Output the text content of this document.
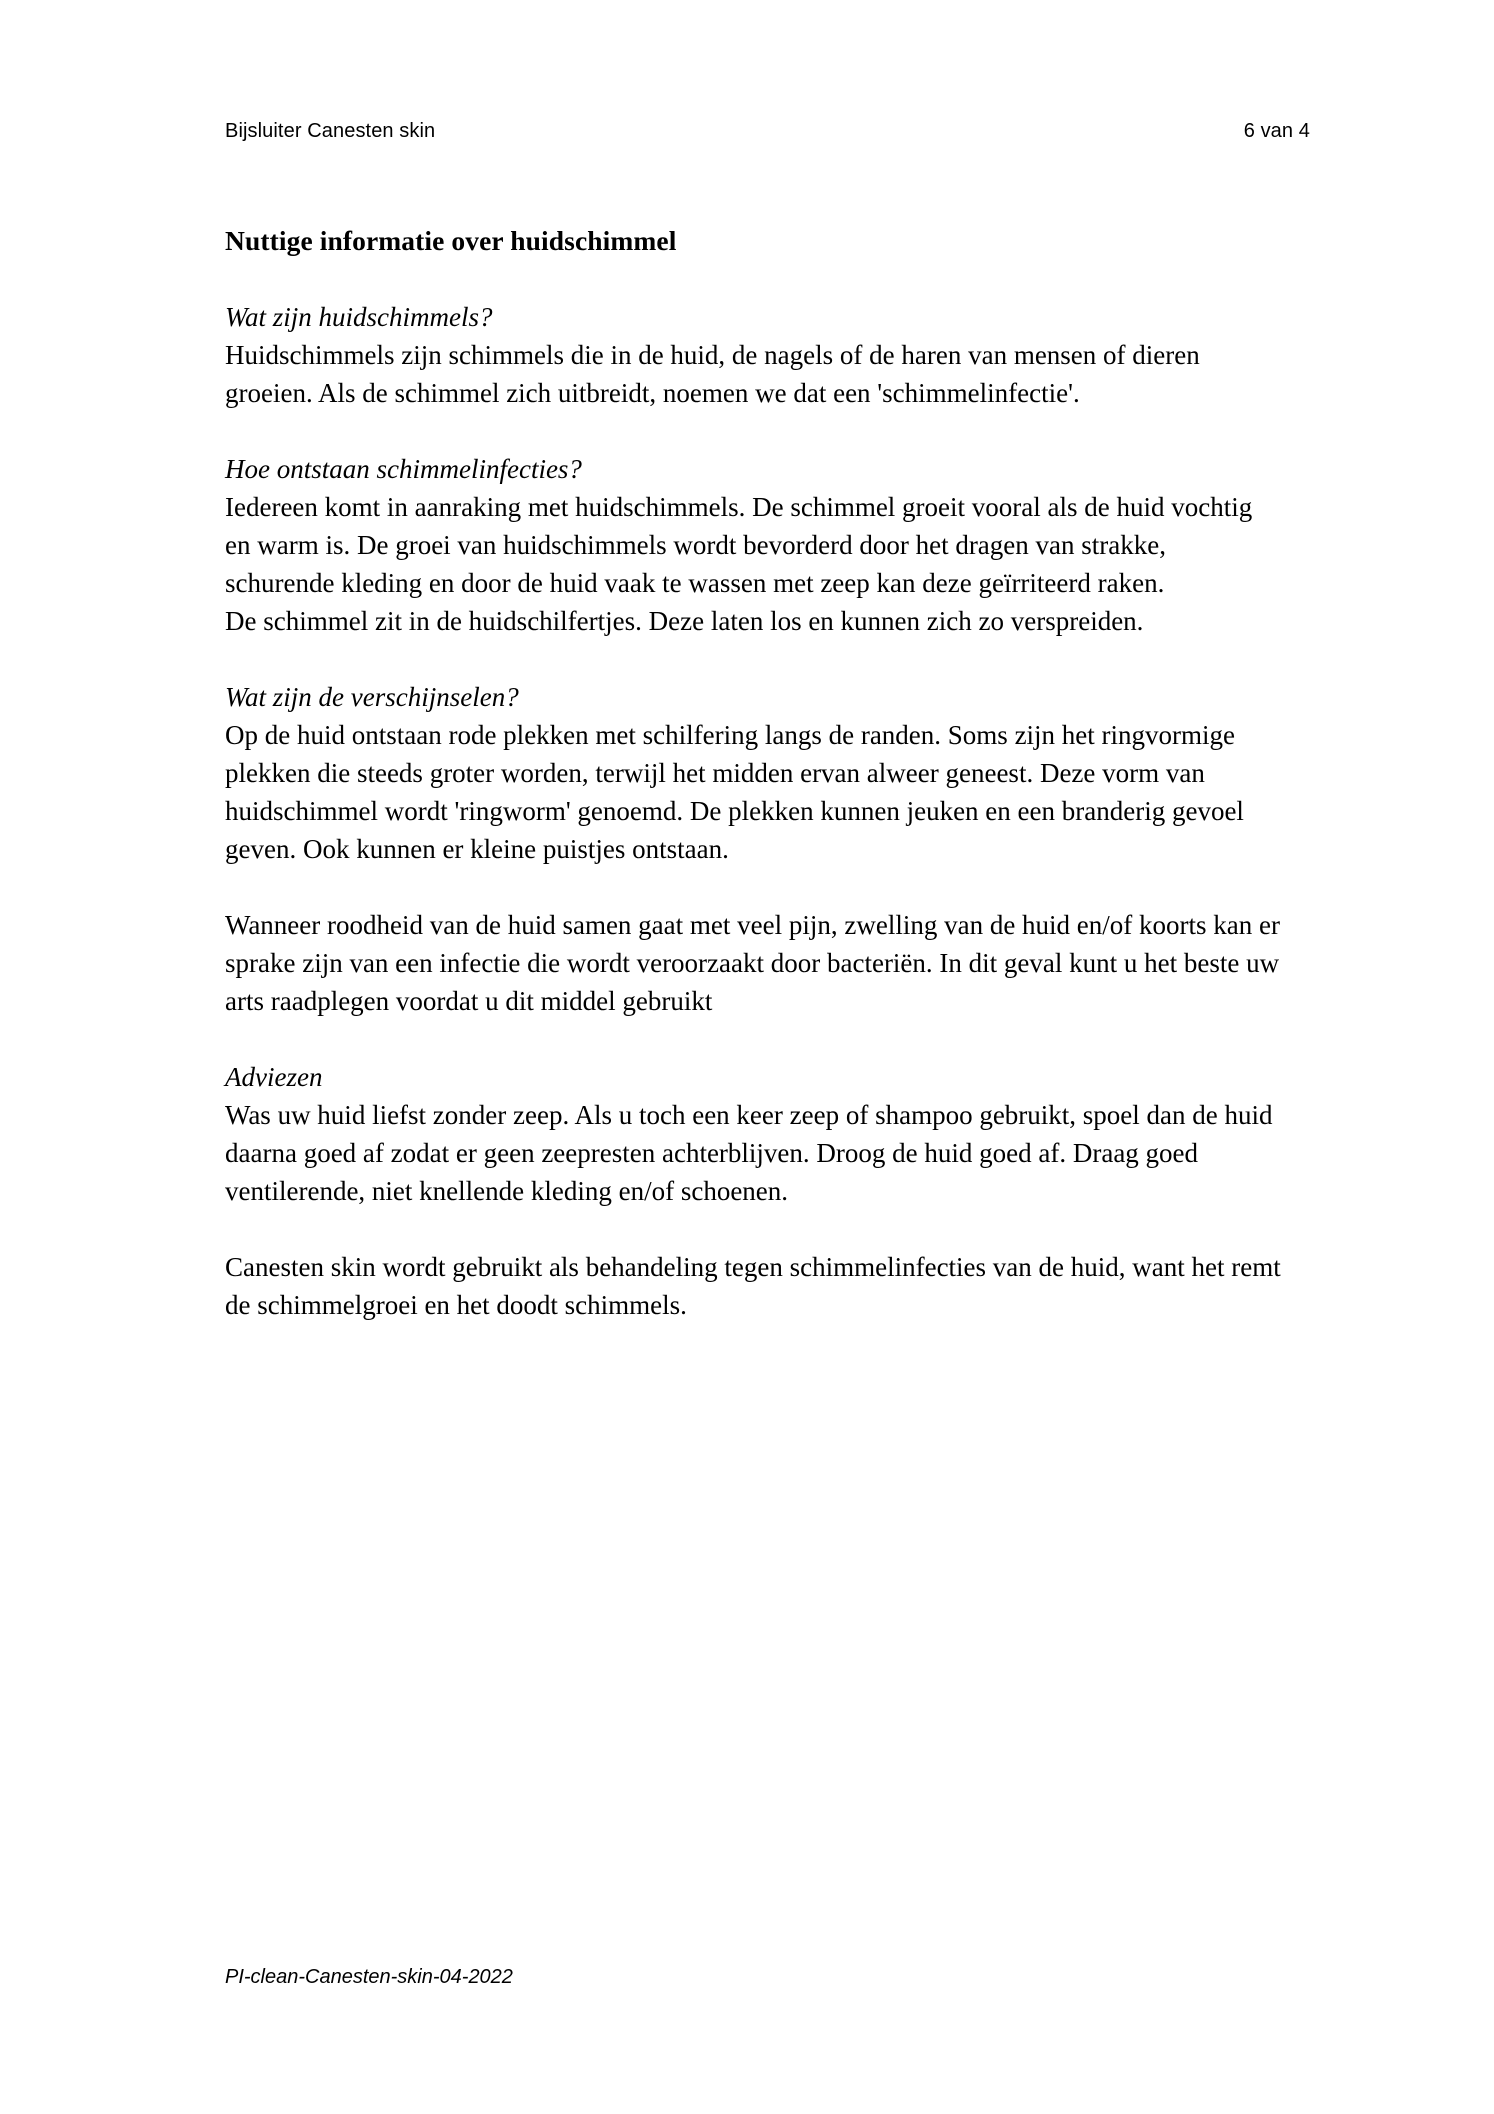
Bijsluiter Canesten skin	6 van 4
Nuttige informatie over huidschimmel

Wat zijn huidschimmels?

Huidschimmels zijn schimmels die in de huid, de nagels of de haren van mensen of dieren groeien. Als de schimmel zich uitbreidt, noemen we dat een 'schimmelinfectie'.

Hoe ontstaan schimmelinfecties?

Iedereen komt in aanraking met huidschimmels. De schimmel groeit vooral als de huid vochtig en warm is. De groei van huidschimmels wordt bevorderd door het dragen van strakke, schurende kleding en door de huid vaak te wassen met zeep kan deze geïrriteerd raken.

De schimmel zit in de huidschilfertjes. Deze laten los en kunnen zich zo verspreiden.

Wat zijn de verschijnselen?

Op de huid ontstaan rode plekken met schilfering langs de randen. Soms zijn het ringvormige plekken die steeds groter worden, terwijl het midden ervan alweer geneest. Deze vorm van huidschimmel wordt 'ringworm' genoemd. De plekken kunnen jeuken en een branderig gevoel geven. Ook kunnen er kleine puistjes ontstaan.

Wanneer roodheid van de huid samen gaat met veel pijn, zwelling van de huid en/of koorts kan er sprake zijn van een infectie die wordt veroorzaakt door bacteriën. In dit geval kunt u het beste uw arts raadplegen voordat u dit middel gebruikt

Adviezen

Was uw huid liefst zonder zeep. Als u toch een keer zeep of shampoo gebruikt, spoel dan de huid daarna goed af zodat er geen zeepresten achterblijven. Droog de huid goed af. Draag goed ventilerende, niet knellende kleding en/of schoenen.

Canesten skin wordt gebruikt als behandeling tegen schimmelinfecties van de huid, want het remt de schimmelgroei en het doodt schimmels.

PI-clean-Canesten-skin-04-2022
